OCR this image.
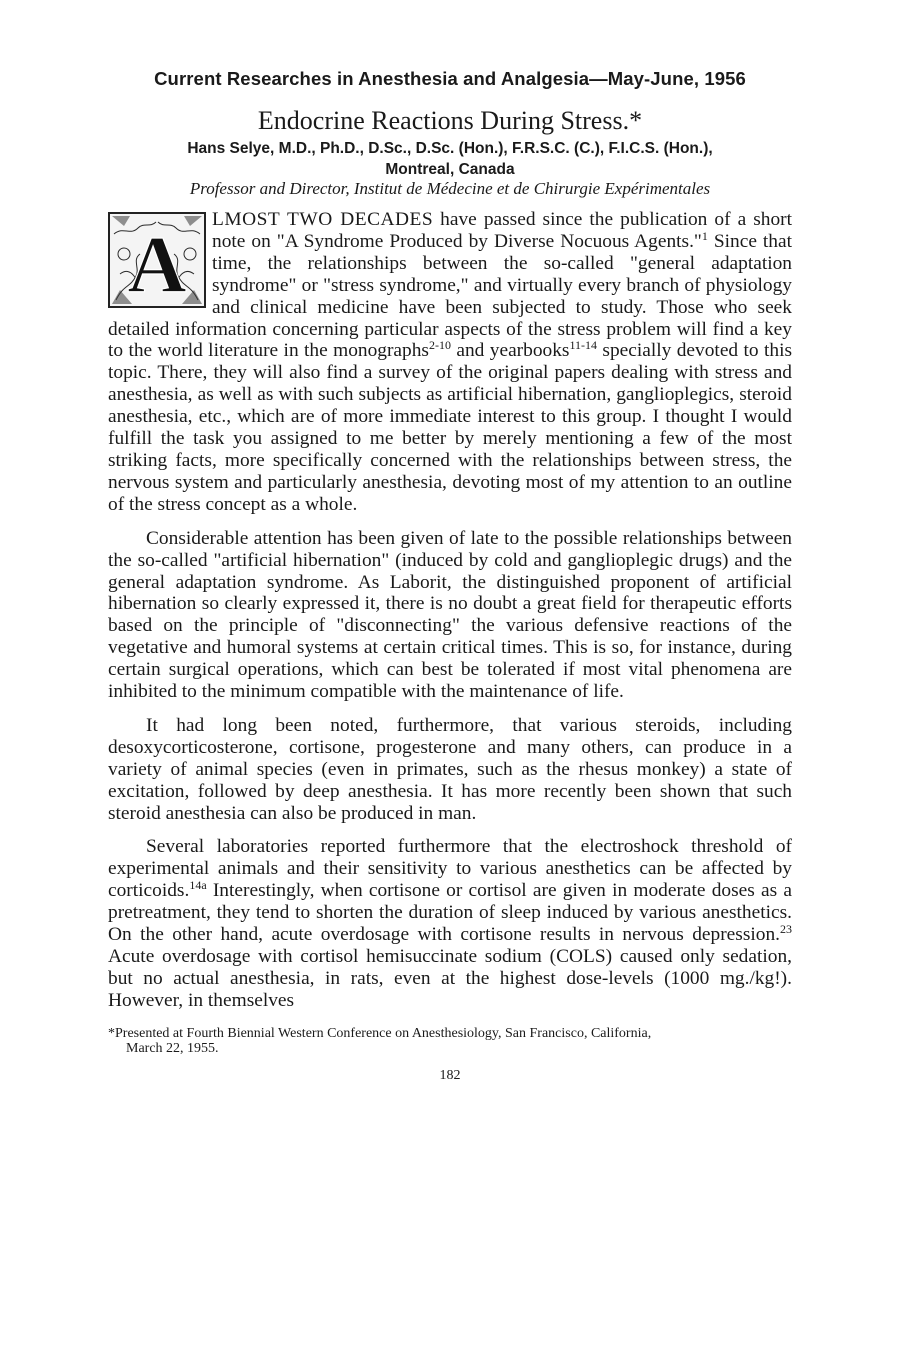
Current Researches in Anesthesia and Analgesia—May-June, 1956
Endocrine Reactions During Stress.*
Hans Selye, M.D., Ph.D., D.Sc., D.Sc. (Hon.), F.R.S.C. (C.), F.I.C.S. (Hon.),
Montreal, Canada
Professor and Director, Institut de Médecine et de Chirurgie Expérimentales

A LMOST TWO DECADES have passed since the publication of a short note on "A Syndrome Produced by Diverse Nocuous Agents."$^1$ Since that time, the relationships between the so-called "general adaptation syndrome" or "stress syndrome," and virtually every branch of physiology and clinical medicine have been subjected to study. Those who seek detailed information concerning particular aspects of the stress problem will find a key to the world literature in the monographs$^{2-10}$ and yearbooks$^{11-14}$ specially devoted to this topic. There, they will also find a survey of the original papers dealing with stress and anesthesia, as well as with such subjects as artificial hibernation, ganglioplegics, steroid anesthesia, etc., which are of more immediate interest to this group. I thought I would fulfill the task you assigned to me better by merely mentioning a few of the most striking facts, more specifically concerned with the relationships between stress, the nervous system and particularly anesthesia, devoting most of my attention to an outline of the stress concept as a whole.

Considerable attention has been given of late to the possible relationships between the so-called "artificial hibernation" (induced by cold and ganglioplegic drugs) and the general adaptation syndrome. As Laborit, the distinguished proponent of artificial hibernation so clearly expressed it, there is no doubt a great field for therapeutic efforts based on the principle of "disconnecting" the various defensive reactions of the vegetative and humoral systems at certain critical times. This is so, for instance, during certain surgical operations, which can best be tolerated if most vital phenomena are inhibited to the minimum compatible with the maintenance of life.

It had long been noted, furthermore, that various steroids, including desoxycorticosterone, cortisone, progesterone and many others, can produce in a variety of animal species (even in primates, such as the rhesus monkey) a state of excitation, followed by deep anesthesia. It has more recently been shown that such steroid anesthesia can also be produced in man.

Several laboratories reported furthermore that the electroshock threshold of experimental animals and their sensitivity to various anesthetics can be affected by corticoids.$^{14a}$ Interestingly, when cortisone or cortisol are given in moderate doses as a pretreatment, they tend to shorten the duration of sleep induced by various anesthetics. On the other hand, acute overdosage with cortisone results in nervous depression.$^{23}$ Acute overdosage with cortisol hemisuccinate sodium (COLS) caused only sedation, but no actual anesthesia, in rats, even at the highest dose-levels (1000 mg./kg!). However, in themselves

*Presented at Fourth Biennial Western Conference on Anesthesiology, San Francisco, California,
March 22, 1955.
182
